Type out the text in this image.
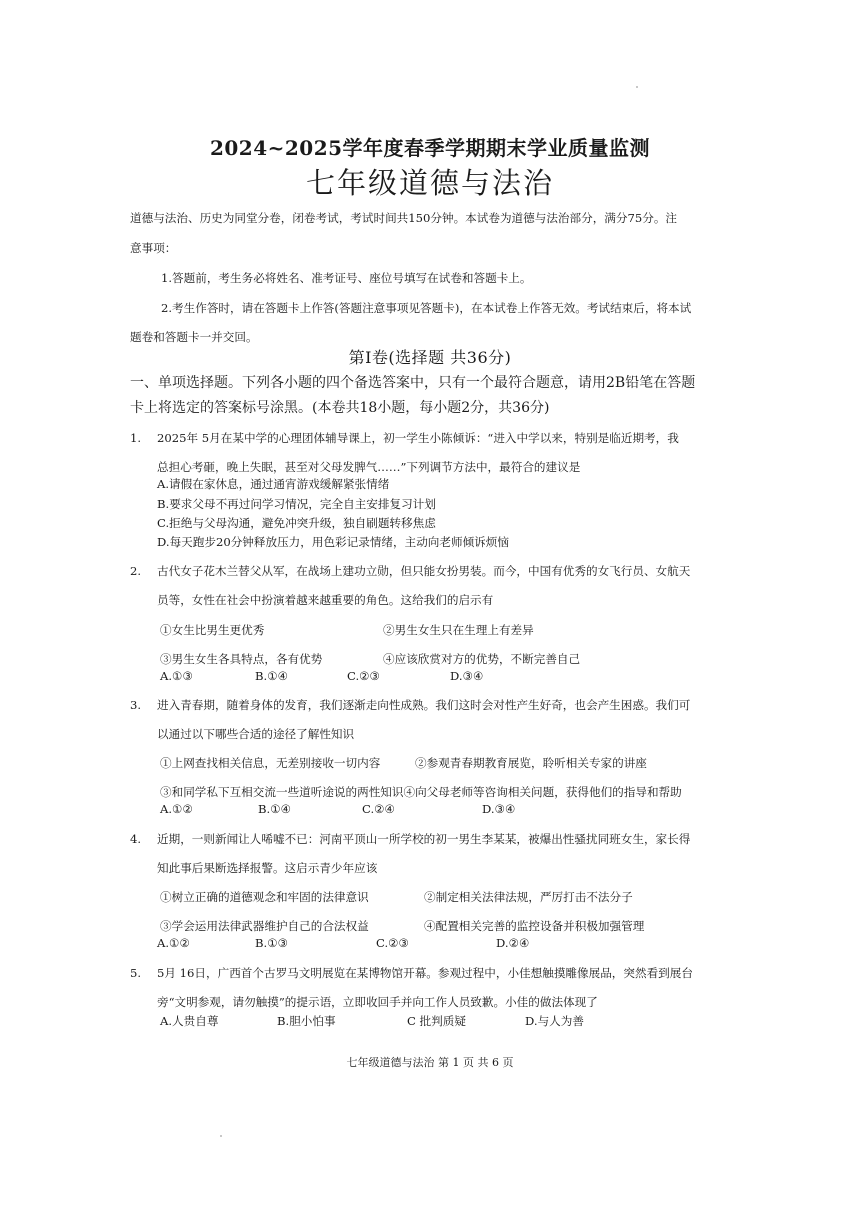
2024~2025学年度春季学期期末学业质量监测
七年级道德与法治
道德与法治、历史为同堂分卷，闭卷考试，考试时间共150分钟。本试卷为道德与法治部分，满分75分。注
意事项：
1.答题前，考生务必将姓名、准考证号、座位号填写在试卷和答题卡上。
2.考生作答时，请在答题卡上作答(答题注意事项见答题卡)，在本试卷上作答无效。考试结束后，将本试
题卷和答题卡一并交回。
第Ⅰ卷(选择题 共36分)
一、单项选择题。下列各小题的四个备选答案中，只有一个最符合题意，请用2B铅笔在答题
卡上将选定的答案标号涂黑。(本卷共18小题，每小题2分，共36分)
1. 2025年 5月在某中学的心理团体辅导课上，初一学生小陈倾诉：“进入中学以来，特别是临近期考，我
总担心考砸，晚上失眠，甚至对父母发脾气……”下列调节方法中，最符合的建议是
A.请假在家休息，通过通宵游戏缓解紧张情绪
B.要求父母不再过问学习情况，完全自主安排复习计划
C.拒绝与父母沟通，避免冲突升级，独自刷题转移焦虑
D.每天跑步20分钟释放压力，用色彩记录情绪，主动向老师倾诉烦恼
2. 古代女子花木兰替父从军，在战场上建功立勋，但只能女扮男装。而今，中国有优秀的女飞行员、女航天
员等，女性在社会中扮演着越来越重要的角色。这给我们的启示有
①女生比男生更优秀	②男生女生只在生理上有差异
③男生女生各具特点，各有优势	④应该欣赏对方的优势，不断完善自己
A.①③	B.①④	C.②③	D.③④
3. 进入青春期，随着身体的发育，我们逐渐走向性成熟。我们这时会对性产生好奇，也会产生困惑。我们可
以通过以下哪些合适的途径了解性知识
①上网查找相关信息，无差别接收一切内容	②参观青春期教育展览，聆听相关专家的讲座
③和同学私下互相交流一些道听途说的两性知识④向父母老师等咨询相关问题，获得他们的指导和帮助
A.①②	B.①④	C.②④	D.③④
4. 近期，一则新闻让人唏嘘不已：河南平顶山一所学校的初一男生李某某，被爆出性骚扰同班女生，家长得
知此事后果断选择报警。这启示青少年应该
①树立正确的道德观念和牢固的法律意识	②制定相关法律法规，严厉打击不法分子
③学会运用法律武器维护自己的合法权益	④配置相关完善的监控设备并积极加强管理
A.①②	B.①③	C.②③	D.②④
5. 5月 16日，广西首个古罗马文明展览在某博物馆开幕。参观过程中，小佳想触摸雕像展品，突然看到展台
旁“文明参观，请勿触摸”的提示语，立即收回手并向工作人员致歉。小佳的做法体现了
A.人贵自尊	B.胆小怕事	C 批判质疑	D.与人为善
七年级道德与法治 第 1 页 共 6 页
